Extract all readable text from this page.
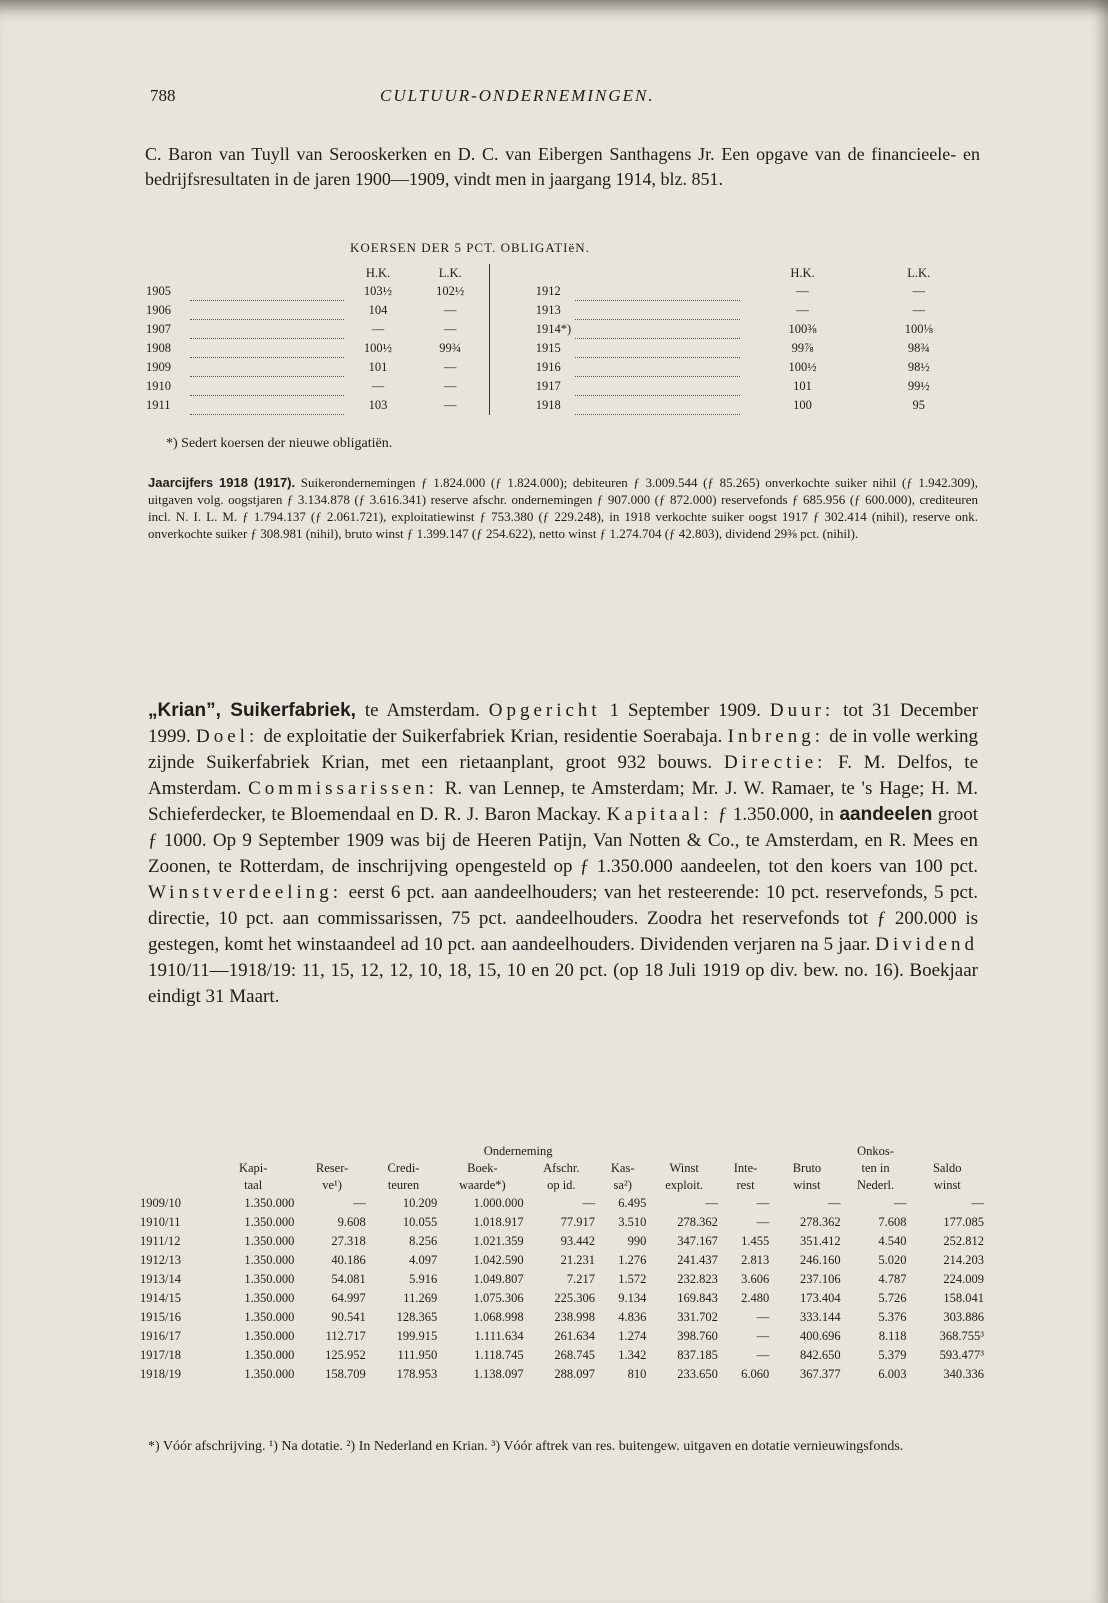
788	CULTUUR-ONDERNEMINGEN.
C. Baron van Tuyll van Serooskerken en D. C. van Eibergen Santhagens Jr. Een opgave van de financieele- en bedrijfsresultaten in de jaren 1900—1909, vindt men in jaargang 1914, blz. 851.
KOERSEN DER 5 PCT. OBLIGATIëN.
		H.K.	L.K.			H.K.	L.K.
1905		103½	102½	1912		—	—
1906		104	—	1913		—	—
1907		—	—	1914*)		100⅜	100⅛
1908		100½	99¾	1915		99⅞	98¾
1909		101	—	1916		100½	98½
1910		—	—	1917		101	99½
1911		103	—	1918		100	95
*) Sedert koersen der nieuwe obligatiën.
Jaarcijfers 1918 (1917). Suikerondernemingen ƒ 1.824.000 (ƒ 1.824.000); debiteuren ƒ 3.009.544 (ƒ 85.265) onverkochte suiker nihil (ƒ 1.942.309), uitgaven volg. oogstjaren ƒ 3.134.878 (ƒ 3.616.341) reserve afschr. ondernemingen ƒ 907.000 (ƒ 872.000) reservefonds ƒ 685.956 (ƒ 600.000), crediteuren incl. N. I. L. M. ƒ 1.794.137 (ƒ 2.061.721), exploitatiewinst ƒ 753.380 (ƒ 229.248), in 1918 verkochte suiker oogst 1917 ƒ 302.414 (nihil), reserve onk. onverkochte suiker ƒ 308.981 (nihil), bruto winst ƒ 1.399.147 (ƒ 254.622), netto winst ƒ 1.274.704 (ƒ 42.803), dividend 29⅜ pct. (nihil).
„Krian”, Suikerfabriek, te Amsterdam. Opgericht 1 September 1909. Duur: tot 31 December 1999. Doel: de exploitatie der Suikerfabriek Krian, residentie Soerabaja. Inbreng: de in volle werking zijnde Suikerfabriek Krian, met een rietaanplant, groot 932 bouws. Directie: F. M. Delfos, te Amsterdam. Commissarissen: R. van Lennep, te Amsterdam; Mr. J. W. Ramaer, te 's Hage; H. M. Schieferdecker, te Bloemendaal en D. R. J. Baron Mackay. Kapitaal: ƒ 1.350.000, in aandeelen groot ƒ 1000. Op 9 September 1909 was bij de Heeren Patijn, Van Notten & Co., te Amsterdam, en R. Mees en Zoonen, te Rotterdam, de inschrijving opengesteld op ƒ 1.350.000 aandeelen, tot den koers van 100 pct. Winstverdeeling: eerst 6 pct. aan aandeelhouders; van het resteerende: 10 pct. reservefonds, 5 pct. directie, 10 pct. aan commissarissen, 75 pct. aandeelhouders. Zoodra het reservefonds tot ƒ 200.000 is gestegen, komt het winstaandeel ad 10 pct. aan aandeelhouders. Dividenden verjaren na 5 jaar. Dividend 1910/11—1918/19: 11, 15, 12, 12, 10, 18, 15, 10 en 20 pct. (op 18 Juli 1919 op div. bew. no. 16). Boekjaar eindigt 31 Maart.
				Onderneming						Onkos-	
	Kapi-	Reser-	Credi-	Boek-	Afschr.	Kas-	Winst	Inte-	Bruto	ten in	Saldo
	taal	ve¹)	teuren	waarde*)	op id.	sa²)	exploit.	rest	winst	Nederl.	winst
1909/10	1.350.000	—	10.209	1.000.000	—	6.495	—	—	—	—	—
1910/11	1.350.000	9.608	10.055	1.018.917	77.917	3.510	278.362	—	278.362	7.608	177.085
1911/12	1.350.000	27.318	8.256	1.021.359	93.442	990	347.167	1.455	351.412	4.540	252.812
1912/13	1.350.000	40.186	4.097	1.042.590	21.231	1.276	241.437	2.813	246.160	5.020	214.203
1913/14	1.350.000	54.081	5.916	1.049.807	7.217	1.572	232.823	3.606	237.106	4.787	224.009
1914/15	1.350.000	64.997	11.269	1.075.306	225.306	9.134	169.843	2.480	173.404	5.726	158.041
1915/16	1.350.000	90.541	128.365	1.068.998	238.998	4.836	331.702	—	333.144	5.376	303.886
1916/17	1.350.000	112.717	199.915	1.111.634	261.634	1.274	398.760	—	400.696	8.118	368.755³
1917/18	1.350.000	125.952	111.950	1.118.745	268.745	1.342	837.185	—	842.650	5.379	593.477³
1918/19	1.350.000	158.709	178.953	1.138.097	288.097	810	233.650	6.060	367.377	6.003	340.336
*) Vóór afschrijving. ¹) Na dotatie. ²) In Nederland en Krian. ³) Vóór aftrek van res. buitengew. uitgaven en dotatie vernieuwingsfonds.
